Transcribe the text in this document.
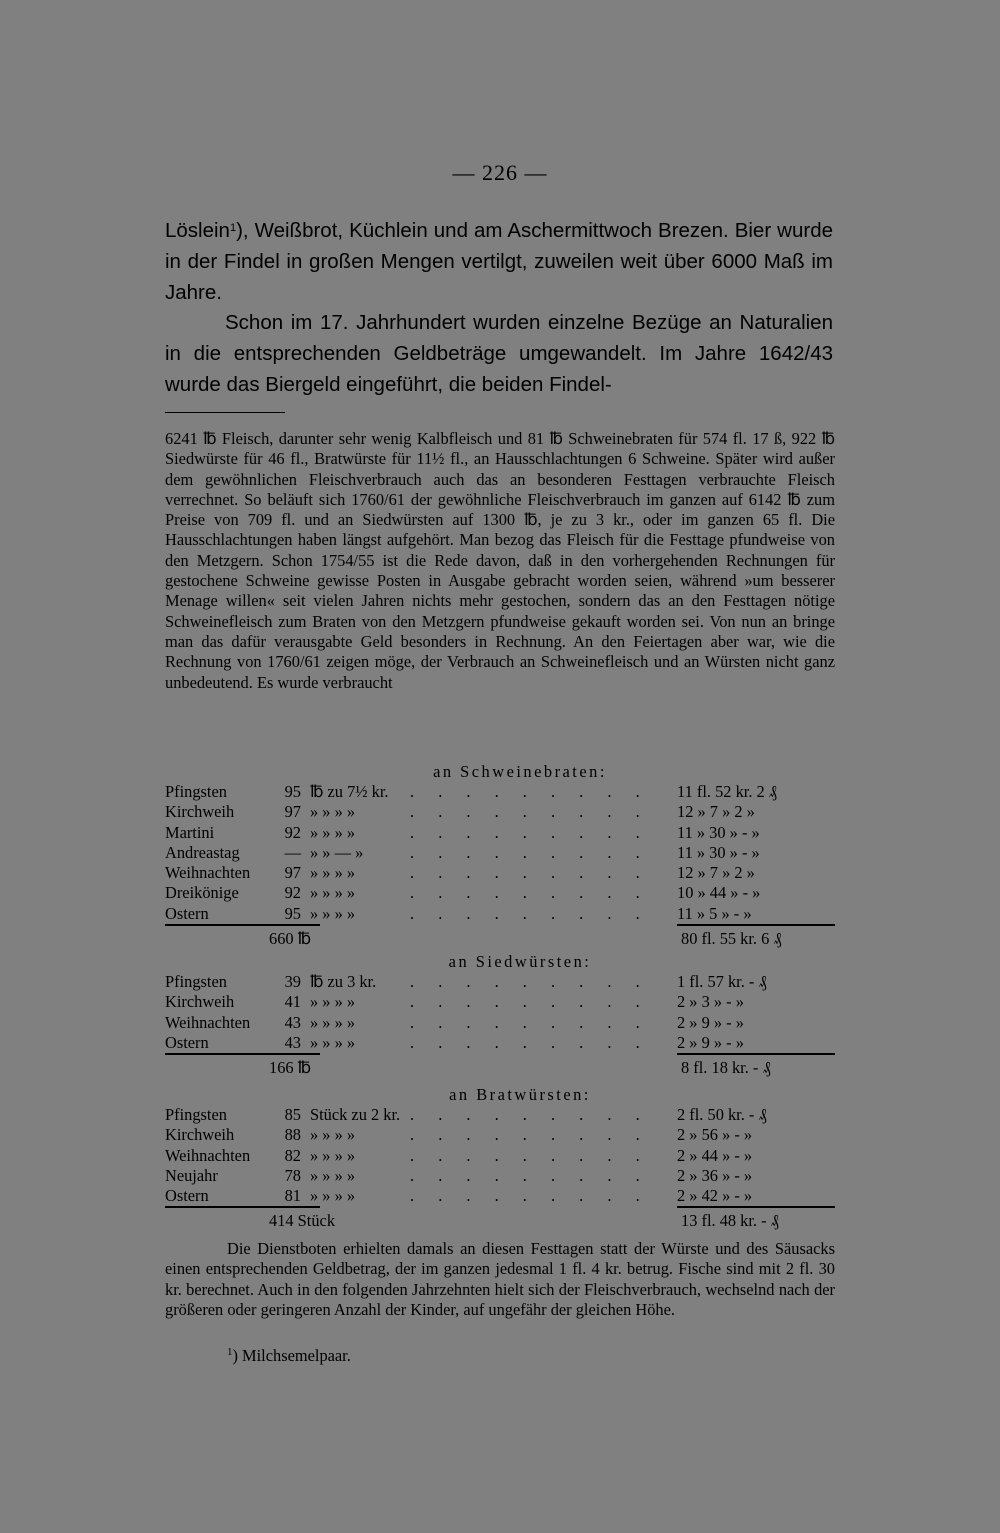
— 226 —

Löslein$^1$), Weißbrot, Küchlein und am Aschermittwoch Brezen. Bier wurde in der Findel in großen Mengen vertilgt, zuweilen weit über 6000 Maß im Jahre.

Schon im 17. Jahrhundert wurden einzelne Bezüge an Naturalien in die entsprechenden Geldbeträge umgewandelt. Im Jahre 1642/43 wurde das Biergeld eingeführt, die beiden Findel-

6241 ℔ Fleisch, darunter sehr wenig Kalbfleisch und 81 ℔ Schweinebraten für 574 fl. 17 ß, 922 ℔ Siedwürste für 46 fl., Bratwürste für 11½ fl., an Hausschlachtungen 6 Schweine. Später wird außer dem gewöhnlichen Fleischverbrauch auch das an besonderen Festtagen verbrauchte Fleisch verrechnet. So beläuft sich 1760/61 der gewöhnliche Fleischverbrauch im ganzen auf 6142 ℔ zum Preise von 709 fl. und an Siedwürsten auf 1300 ℔, je zu 3 kr., oder im ganzen 65 fl. Die Hausschlachtungen haben längst aufgehört. Man bezog das Fleisch für die Festtage pfundweise von den Metzgern. Schon 1754/55 ist die Rede davon, daß in den vorhergehenden Rechnungen für gestochene Schweine gewisse Posten in Ausgabe gebracht worden seien, während »um besserer Menage willen« seit vielen Jahren nichts mehr gestochen, sondern das an den Festtagen nötige Schweinefleisch zum Braten von den Metzgern pfundweise gekauft worden sei. Von nun an bringe man das dafür verausgabte Geld besonders in Rechnung. An den Feiertagen aber war, wie die Rechnung von 1760/61 zeigen möge, der Verbrauch an Schweinefleisch und an Würsten nicht ganz unbedeutend. Es wurde verbraucht

an Schweinebraten:
Pfingsten	95 ℔ zu 7½ kr. . . . . . . . . . 11 fl. 52 kr. 2 ₰
Kirchweih	97 » » » »	. . . . . . . . . 12 » 7 » 2 »
Martini	92 » » » »	. . . . . . . . . 11 » 30 » - »
Andreastag	— » » — »	. . . . . . . . . 11 » 30 » - »
Weihnachten	97 » » » »	. . . . . . . . . 12 » 7 » 2 »
Dreikönige	92 » » » »	. . . . . . . . . 10 » 44 » - »
Ostern	95 » » » »	. . . . . . . . . 11 » 5 » - »
660 ℔	80 fl. 55 kr. 6 ₰
an Siedwürsten:
Pfingsten	39 ℔ zu 3 kr. . . . . . . . . . 1 fl. 57 kr. - ₰
Kirchweih	41 » » » »	. . . . . . . . . 2 » 3 » - »
Weihnachten	43 » » » »	. . . . . . . . . 2 » 9 » - »
Ostern	43 » » » »	. . . . . . . . . 2 » 9 » - »
166 ℔	8 fl. 18 kr. - ₰
an Bratwürsten:
Pfingsten	85 Stück zu 2 kr. . . . . . . . . . 2 fl. 50 kr. - ₰
Kirchweih	88 » » » »	. . . . . . . . . 2 » 56 » - »
Weihnachten	82 » » » »	. . . . . . . . . 2 » 44 » - »
Neujahr	78 » » » »	. . . . . . . . . 2 » 36 » - »
Ostern	81 » » » »	. . . . . . . . . 2 » 42 » - »
414 Stück	13 fl. 48 kr. - ₰

Die Dienstboten erhielten damals an diesen Festtagen statt der Würste und des Säusacks einen entsprechenden Geldbetrag, der im ganzen jedesmal 1 fl. 4 kr. betrug. Fische sind mit 2 fl. 30 kr. berechnet. Auch in den folgenden Jahrzehnten hielt sich der Fleischverbrauch, wechselnd nach der größeren oder geringeren Anzahl der Kinder, auf ungefähr der gleichen Höhe.

$^1$) Milchsemelpaar.
